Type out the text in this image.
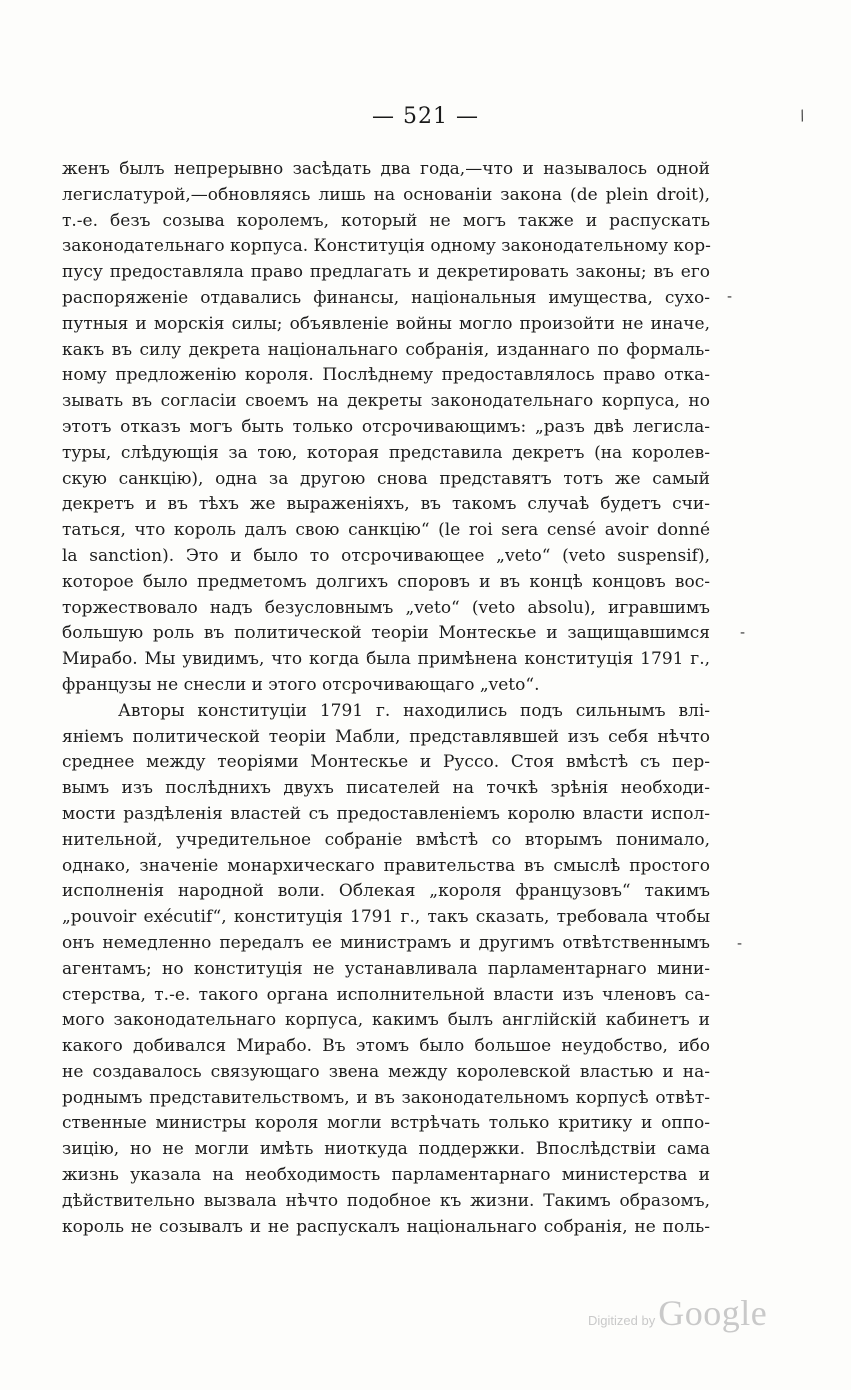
— 521 —	/
-
-
-
женъ былъ непрерывно засѣдать два года,—что и называлось одной
легислатурой,—обновляясь лишь на основаніи закона (de plein droit),
т.-е. безъ созыва королемъ, который не могъ также и распускать
законодательнаго корпуса. Конституція одному законодательному кор-
пусу предоставляла право предлагать и декретировать законы; въ его
распоряженіе отдавались финансы, національныя имущества, сухо-
путныя и морскія силы; объявленіе войны могло произойти не иначе,
какъ въ силу декрета національнаго собранія, изданнаго по формаль-
ному предложенію короля. Послѣднему предоставлялось право отка-
зывать въ согласіи своемъ на декреты законодательнаго корпуса, но
этотъ отказъ могъ быть только отсрочивающимъ: „разъ двѣ легисла-
туры, слѣдующія за тою, которая представила декретъ (на королев-
скую санкцію), одна за другою снова представятъ тотъ же самый
декретъ и въ тѣхъ же выраженіяхъ, въ такомъ случаѣ будетъ счи-
таться, что король далъ свою санкцію“ (le roi sera censé avoir donné
la sanction). Это и было то отсрочивающее „veto“ (veto suspensif),
которое было предметомъ долгихъ споровъ и въ концѣ концовъ вос-
торжествовало надъ безусловнымъ „veto“ (veto absolu), игравшимъ
большую роль въ политической теоріи Монтескье и защищавшимся
Мирабо. Мы увидимъ, что когда была примѣнена конституція 1791 г.,
французы не снесли и этого отсрочивающаго „veto“.
Авторы конституціи 1791 г. находились подъ сильнымъ влі-
яніемъ политической теоріи Мабли, представлявшей изъ себя нѣчто
среднее между теоріями Монтескье и Руссо. Стоя вмѣстѣ съ пер-
вымъ изъ послѣднихъ двухъ писателей на точкѣ зрѣнія необходи-
мости раздѣленія властей съ предоставленіемъ королю власти испол-
нительной, учредительное собраніе вмѣстѣ со вторымъ понимало,
однако, значеніе монархическаго правительства въ смыслѣ простого
исполненія народной воли. Облекая „короля французовъ“ такимъ
„pouvoir exécutif“, конституція 1791 г., такъ сказать, требовала чтобы
онъ немедленно передалъ ее министрамъ и другимъ отвѣтственнымъ
агентамъ; но конституція не устанавливала парламентарнаго мини-
стерства, т.-е. такого органа исполнительной власти изъ членовъ са-
мого законодательнаго корпуса, какимъ былъ англійскій кабинетъ и
какого добивался Мирабо. Въ этомъ было большое неудобство, ибо
не создавалось связующаго звена между королевской властью и на-
роднымъ представительствомъ, и въ законодательномъ корпусѣ отвѣт-
ственные министры короля могли встрѣчать только критику и оппо-
зицію, но не могли имѣть ниоткуда поддержки. Впослѣдствіи сама
жизнь указала на необходимость парламентарнаго министерства и
дѣйствительно вызвала нѣчто подобное къ жизни. Такимъ образомъ,
король не созывалъ и не распускалъ національнаго собранія, не поль-
Digitized by Google
